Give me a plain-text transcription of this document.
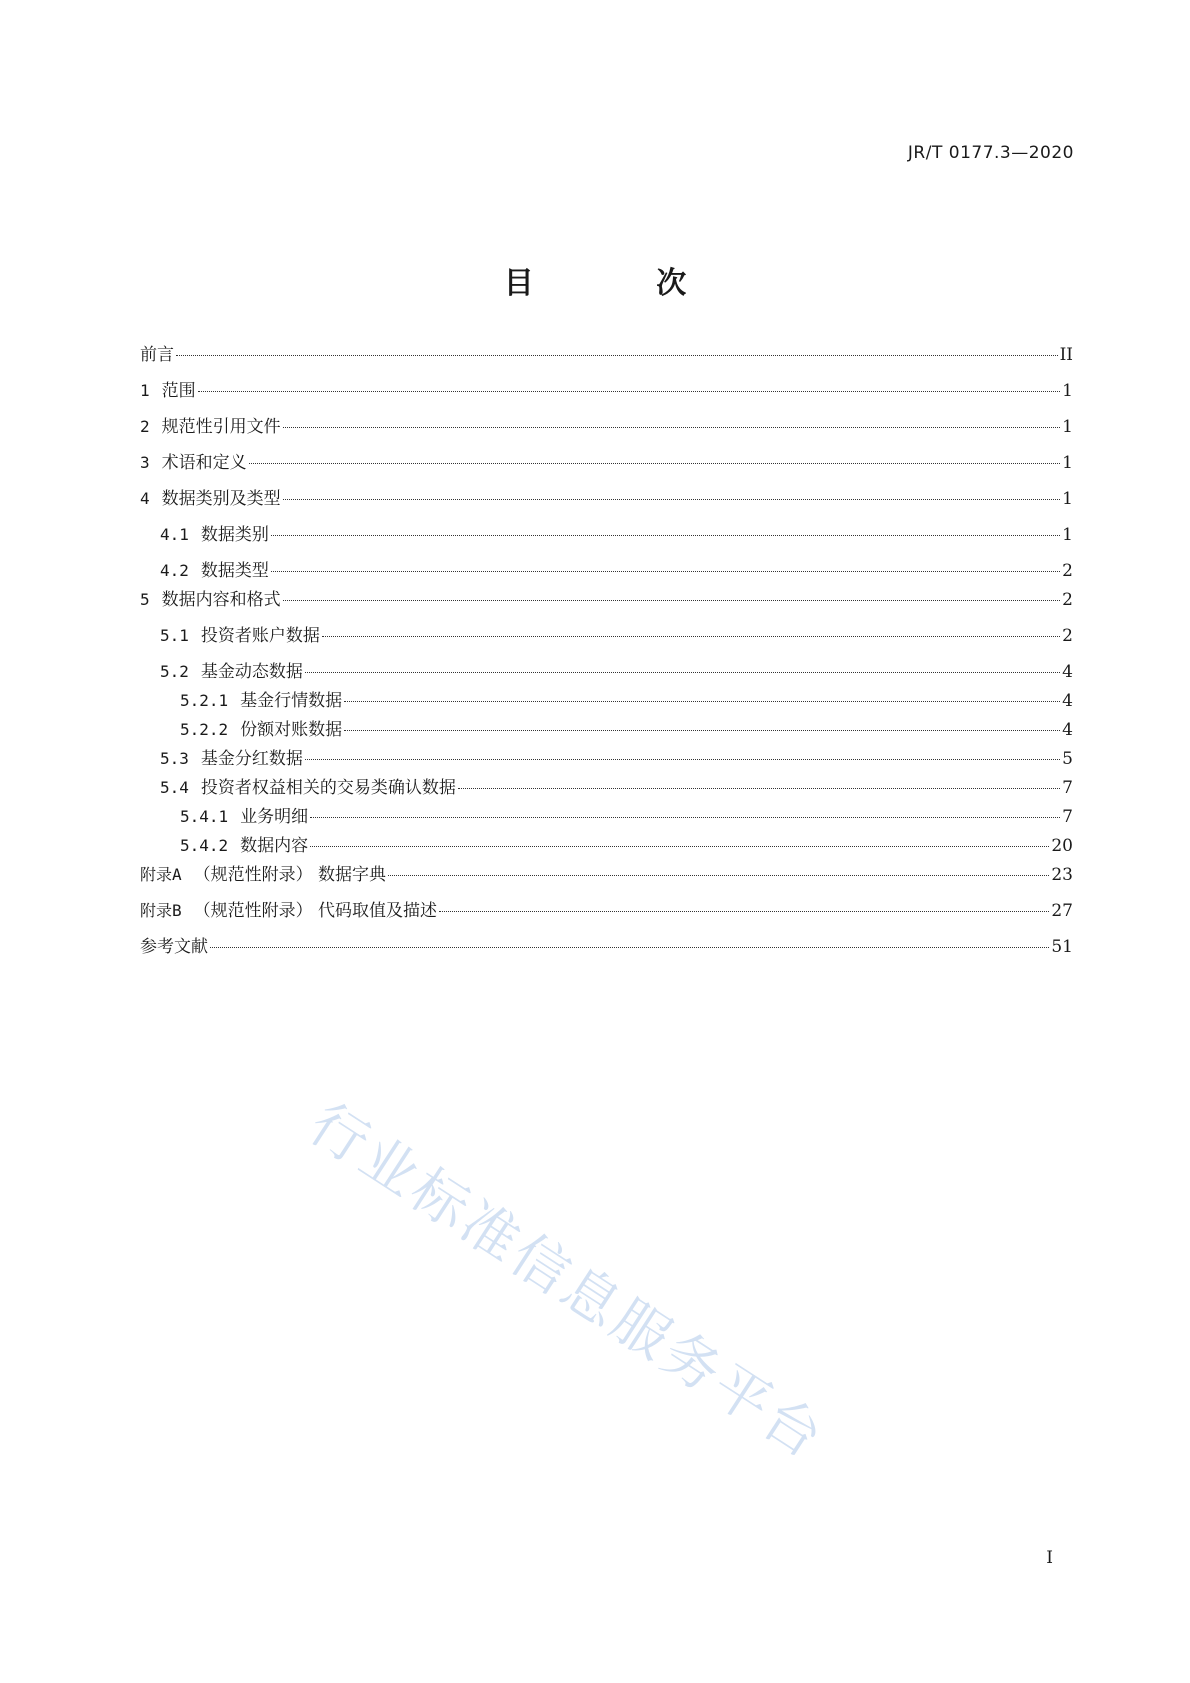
JR/T 0177.3—2020
目 次
前言	II
1 范围	1
2 规范性引用文件	1
3 术语和定义	1
4 数据类别及类型	1
4.1 数据类别	1
4.2 数据类型	2
5 数据内容和格式	2
5.1 投资者账户数据	2
5.2 基金动态数据	4
5.2.1 基金行情数据	4
5.2.2 份额对账数据	4
5.3 基金分红数据	5
5.4 投资者权益相关的交易类确认数据	7
5.4.1 业务明细	7
5.4.2 数据内容	20
附录A （规范性附录） 数据字典	23
附录B （规范性附录） 代码取值及描述	27
参考文献	51
行业标准信息服务平台
I
